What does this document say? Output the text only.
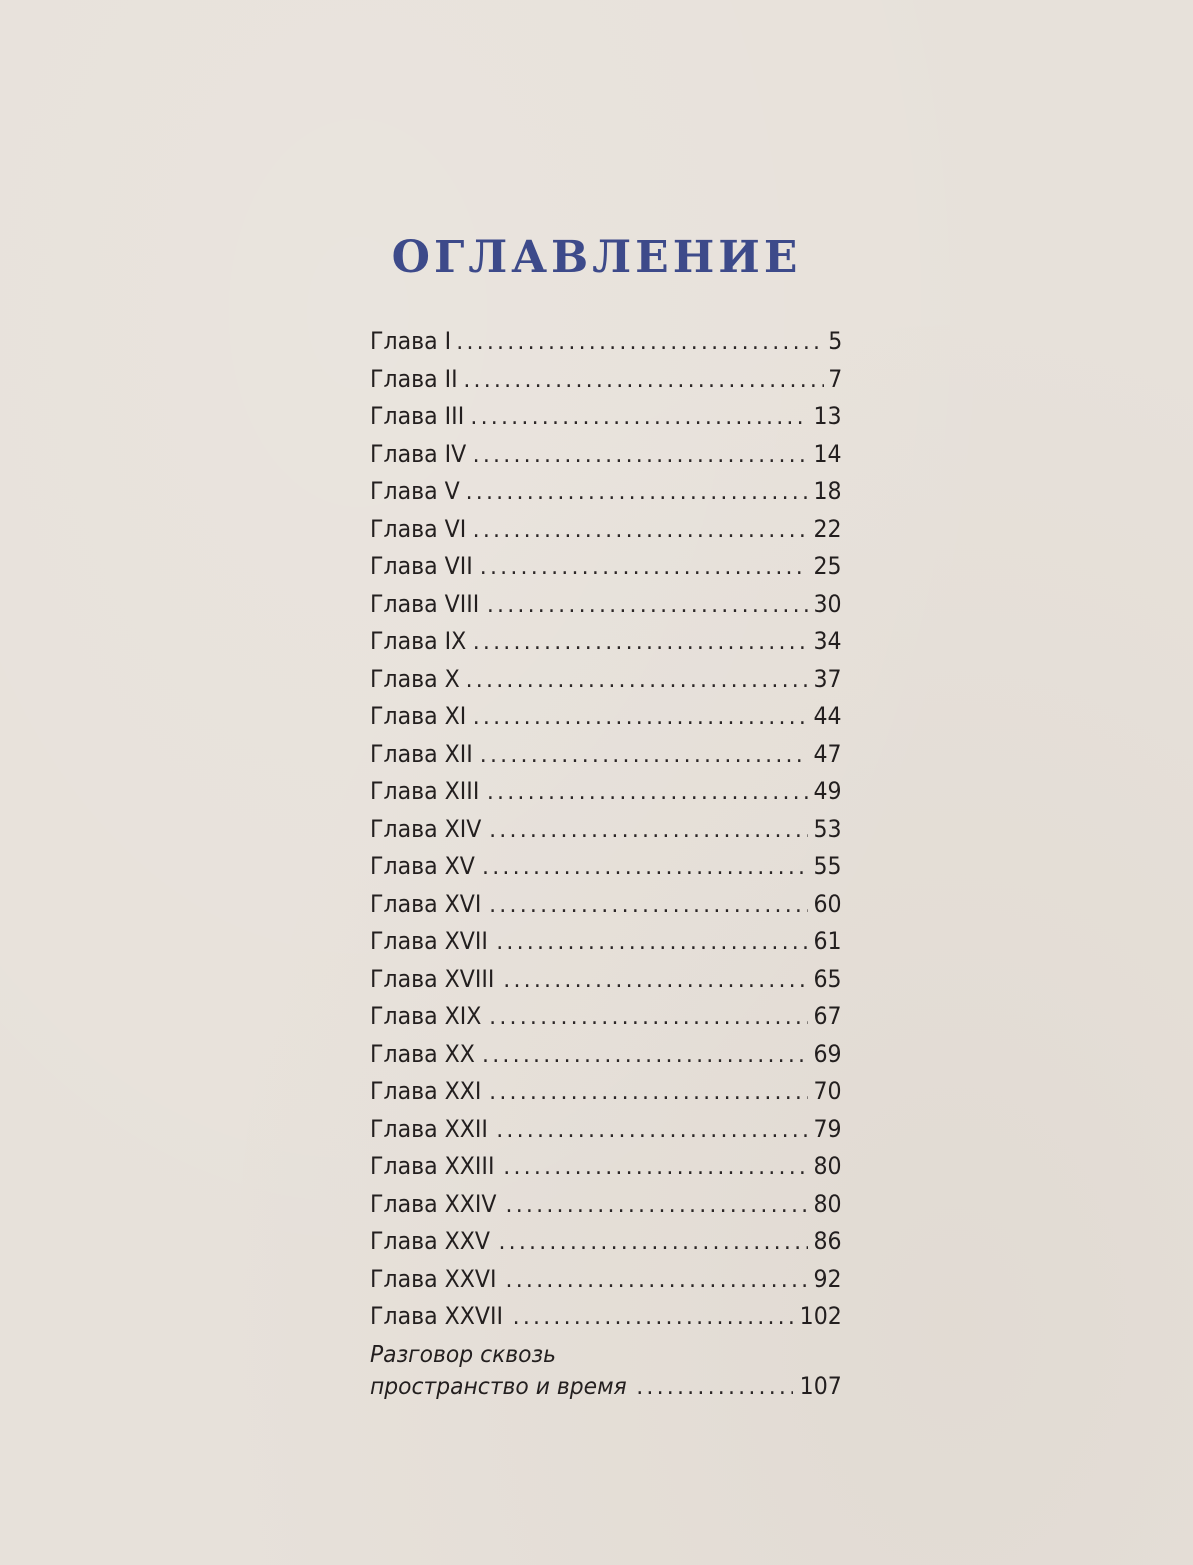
ОГЛАВЛЕНИЕ
Глава I .....	5
Глава II .....	7
Глава III .....	13
Глава IV .....	14
Глава V .....	18
Глава VI .....	22
Глава VII .....	25
Глава VIII .....	30
Глава IX .....	34
Глава X .....	37
Глава XI .....	44
Глава XII .....	47
Глава XIII .....	49
Глава XIV .....	53
Глава XV .....	55
Глава XVI .....	60
Глава XVII .....	61
Глава XVIII .....	65
Глава XIX .....	67
Глава XX .....	69
Глава XXI .....	70
Глава XXII .....	79
Глава XXIII .....	80
Глава XXIV .....	80
Глава XXV .....	86
Глава XXVI .....	92
Глава XXVII .....	102
Разговор сквозь
пространство и время .....	107
